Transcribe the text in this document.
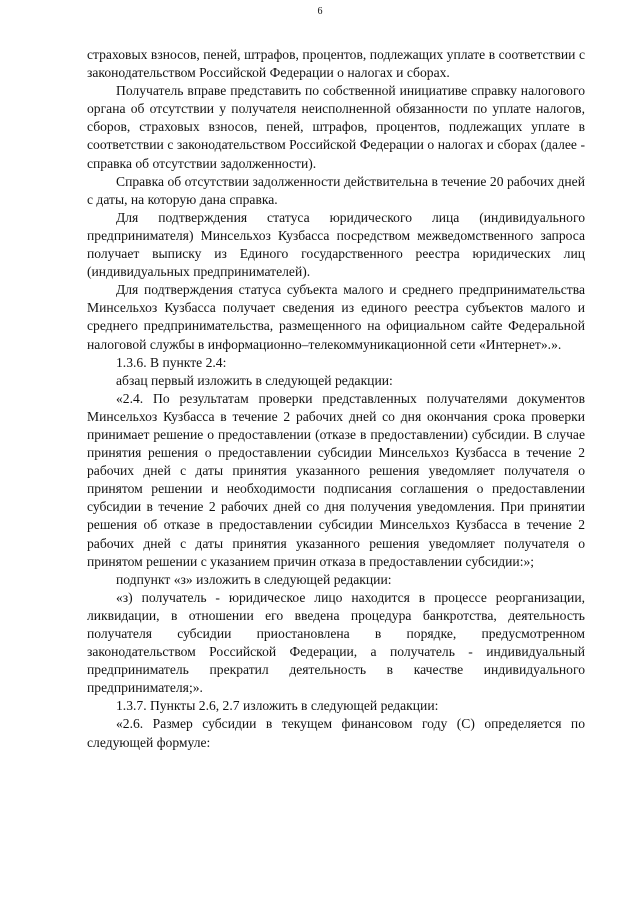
6

страховых взносов, пеней, штрафов, процентов, подлежащих уплате в соответствии с законодательством Российской Федерации о налогах и сборах.

Получатель вправе представить по собственной инициативе справку налогового органа об отсутствии у получателя неисполненной обязанности по уплате налогов, сборов, страховых взносов, пеней, штрафов, процентов, подлежащих уплате в соответствии с законодательством Российской Федерации о налогах и сборах (далее - справка об отсутствии задолженности).

Справка об отсутствии задолженности действительна в течение 20 рабочих дней с даты, на которую дана справка.

Для подтверждения статуса юридического лица (индивидуального предпринимателя) Минсельхоз Кузбасса посредством межведомственного запроса получает выписку из Единого государственного реестра юридических лиц (индивидуальных предпринимателей).

Для подтверждения статуса субъекта малого и среднего предпринимательства Минсельхоз Кузбасса получает сведения из единого реестра субъектов малого и среднего предпринимательства, размещенного на официальном сайте Федеральной налоговой службы в информационно–телекоммуникационной сети «Интернет».».

1.3.6. В пункте 2.4:

абзац первый изложить в следующей редакции:

«2.4. По результатам проверки представленных получателями документов Минсельхоз Кузбасса в течение 2 рабочих дней со дня окончания срока проверки принимает решение о предоставлении (отказе в предоставлении) субсидии. В случае принятия решения о предоставлении субсидии Минсельхоз Кузбасса в течение 2 рабочих дней с даты принятия указанного решения уведомляет получателя о принятом решении и необходимости подписания соглашения о предоставлении субсидии в течение 2 рабочих дней со дня получения уведомления. При принятии решения об отказе в предоставлении субсидии Минсельхоз Кузбасса в течение 2 рабочих дней с даты принятия указанного решения уведомляет получателя о принятом решении с указанием причин отказа в предоставлении субсидии:»;

подпункт «з» изложить в следующей редакции:

«з) получатель - юридическое лицо находится в процессе реорганизации, ликвидации, в отношении его введена процедура банкротства, деятельность получателя субсидии приостановлена в порядке, предусмотренном законодательством Российской Федерации, а получатель - индивидуальный предприниматель прекратил деятельность в качестве индивидуального предпринимателя;».

1.3.7. Пункты 2.6, 2.7 изложить в следующей редакции:

«2.6. Размер субсидии в текущем финансовом году (С) определяется по следующей формуле:
